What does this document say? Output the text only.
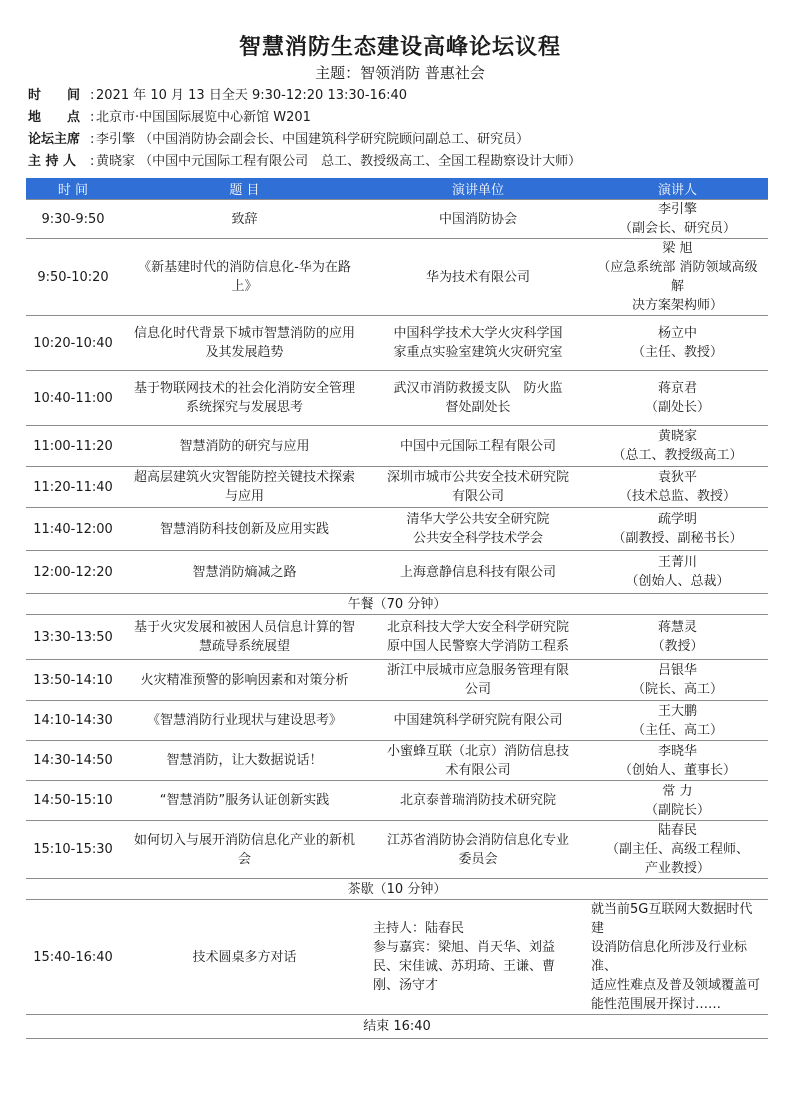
智慧消防生态建设高峰论坛议程
主题：智领消防 普惠社会
时　　间 : 2021 年 10 月 13 日全天 9:30-12:20 13:30-16:40
地　　点 : 北京市·中国国际展览中心新馆 W201
论坛主席 : 李引擎 （中国消防协会副会长、中国建筑科学研究院顾问副总工、研究员）
主 持 人 : 黄晓家 （中国中元国际工程有限公司　总工、教授级高工、全国工程勘察设计大师）
时 间	题 目	演讲单位	演讲人
9:30-9:50	致辞	中国消防协会	李引擎
（ 副会长、研究员 ）

9:50-10:20	《新基建时代的消防信息化-华为在路
上》	华为技术有限公司	梁 旭
（应急系统部 消防领域高级解
决方案架构师）

10:20-10:40	信息化时代背景下城市智慧消防的应用
及其发展趋势	中国科学技术大学火灾科学国
家重点实验室建筑火灾研究室	杨立中
（ 主任、教授 ）

10:40-11:00	基于物联网技术的社会化消防安全管理
系统探究与发展思考	武汉市消防救援支队　防火监
督处副处长	蒋京君
（ 副处长 ）

11:00-11:20	智慧消防的研究与应用	中国中元国际工程有限公司	黄晓家
（ 总工、教授级高工 ）

11:20-11:40	超高层建筑火灾智能防控关键技术探索
与应用	深圳市城市公共安全技术研究院
有限公司	袁狄平
（ 技术总监、教授 ）

11:40-12:00	智慧消防科技创新及应用实践	清华大学公共安全研究院
公共安全科学技术学会	疏学明
（ 副教授、副秘书长 ）

12:00-12:20	智慧消防熵减之路	上海意静信息科技有限公司	王菁川
（ 创始人、总裁 ）

午餐（70 分钟）			
13:30-13:50	基于火灾发展和被困人员信息计算的智
慧疏导系统展望	北京科技大学大安全科学研究院
原中国人民警察大学消防工程系	蒋慧灵
（ 教授 ）

13:50-14:10	火灾精准预警的影响因素和对策分析	浙江中辰城市应急服务管理有限
公司	吕银华
（ 院长、高工 ）

14:10-14:30	《智慧消防行业现状与建设思考》	中国建筑科学研究院有限公司	王大鹏
（ 主任、高工 ）

14:30-14:50	智慧消防，让大数据说话！	小蜜蜂互联（北京）消防信息技
术有限公司	李晓华
（ 创始人、董事长 ）

14:50-15:10	“智慧消防”服务认证创新实践	北京泰普瑞消防技术研究院	常 力
（ 副院长 ）

15:10-15:30	如何切入与展开消防信息化产业的新机
会	江苏省消防协会消防信息化专业
委员会	陆春民
（副主任、高级工程师、
产业教授）

茶歇（10 分钟）			
15:40-16:40	技术圆桌多方对话	主持人：陆春民
参与嘉宾：梁旭、肖天华、刘益
民、宋佳诚、苏玥琦、王谦、曹
刚、汤守才	就当前5G互联网大数据时代建
设消防信息化所涉及行业标准、
适应性难点及普及领域覆盖可
能性范围展开探讨……

结束 16:40			
